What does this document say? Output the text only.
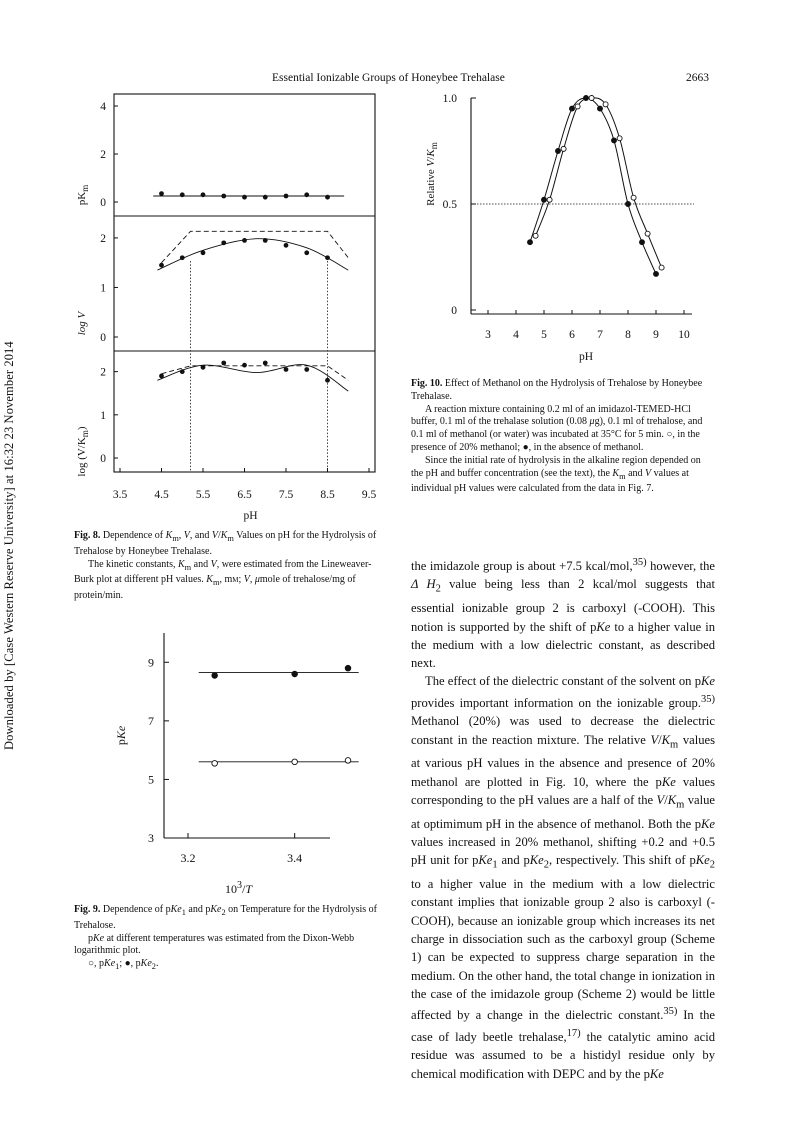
Essential Ionizable Groups of Honeybee Trehalase	2663
Downloaded by [Case Western Reserve University] at 16:32 23 November 2014	3.5 4.5 5.5 6.5 7.5 8.5 9.5
pH
4
2
0
$pK_m$
2
1
0
log V
2
1
0
$\log (V/K_m)$

Fig. 8. Dependence of $K_m$, V, and $V/K_m$ Values on pH for the Hydrolysis of Trehalose by Honeybee Trehalase.

The kinetic constants, $K_m$ and V, were estimated from the Lineweaver-Burk plot at different pH values. $K_m$, mm; V, μmole of trehalose/mg of protein/min.

9
7
5
3
3.2	3.4
$10^3/T$
pKe

Fig. 9. Dependence of pKe$_1$ and pKe$_2$ on Temperature for the Hydrolysis of Trehalose.

pKe at different temperatures was estimated from the Dixon-Webb logarithmic plot.

○, pKe$_1$; ●, pKe$_2$.

1.0
0.5
0
3 4 5 6 7 8 9 10
pH
Relative $V/K_m$

Fig. 10. Effect of Methanol on the Hydrolysis of Trehalose by Honeybee Trehalase.

A reaction mixture containing 0.2 ml of an imidazol-TEMED-HCl buffer, 0.1 ml of the trehalase solution (0.08 μg), 0.1 ml of trehalose, and 0.1 ml of methanol (or water) was incubated at 35°C for 5 min. ○, in the presence of 20% methanol; ●, in the absence of methanol.

Since the initial rate of hydrolysis in the alkaline region depended on the pH and buffer concentration (see the text), the $K_m$ and V values at individual pH values were calculated from the data in Fig. 7.

the imidazole group is about +7.5 kcal/mol,$^{35)}$ however, the Δ $H_2$ value being less than 2 kcal/mol suggests that essential ionizable group 2 is carboxyl (-COOH). This notion is supported by the shift of pKe to a higher value in the medium with a low dielectric constant, as described next.

The effect of the dielectric constant of the solvent on pKe provides important information on the ionizable group.$^{35)}$ Methanol (20%) was used to decrease the dielectric constant in the reaction mixture. The relative $V/K_m$ values at various pH values in the absence and presence of 20% methanol are plotted in Fig. 10, where the pKe values corresponding to the pH values are a half of the $V/K_m$ value at optimimum pH in the absence of methanol. Both the pKe values increased in 20% methanol, shifting +0.2 and +0.5 pH unit for pKe$_1$ and pKe$_2$, respectively. This shift of pKe$_2$ to a higher value in the medium with a low dielectric constant implies that ionizable group 2 also is carboxyl (-COOH), because an ionizable group which increases its net charge in dissociation such as the carboxyl group (Scheme 1) can be expected to suppress charge separation in the medium. On the other hand, the total change in ionization in the case of the imidazole group (Scheme 2) would be little affected by a change in the dielectric constant.$^{35)}$ In the case of lady beetle trehalase,$^{17)}$ the catalytic amino acid residue was assumed to be a histidyl residue only by chemical modification with DEPC and by the pKe
